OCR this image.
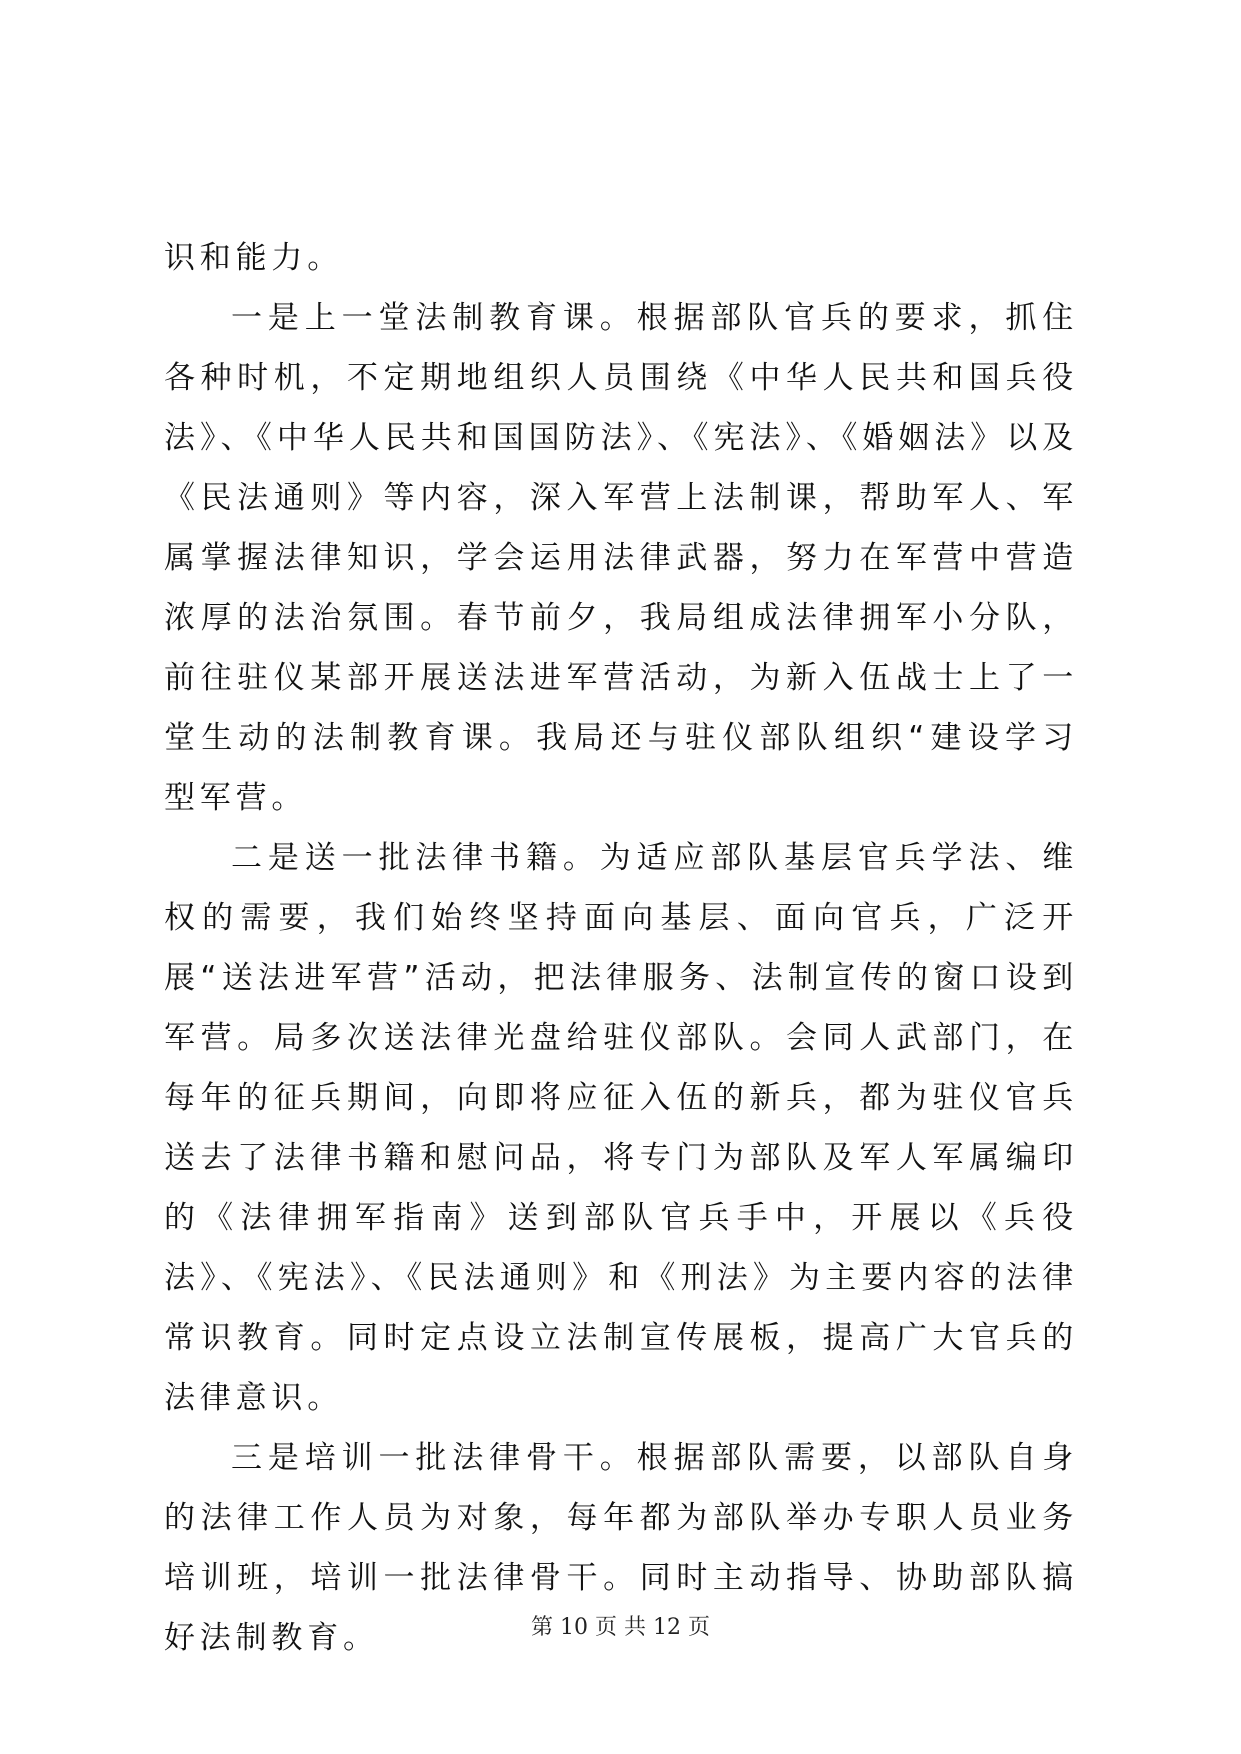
识和能力。

一是上一堂法制教育课。根据部队官兵的要求，抓住各种时机，不定期地组织人员围绕《中华人民共和国兵役法》、《中华人民共和国国防法》、《宪法》、《婚姻法》以及《民法通则》等内容，深入军营上法制课，帮助军人、军属掌握法律知识，学会运用法律武器，努力在军营中营造浓厚的法治氛围。春节前夕，我局组成法律拥军小分队，前往驻仪某部开展送法进军营活动，为新入伍战士上了一堂生动的法制教育课。我局还与驻仪部队组织“建设学习型军营。

二是送一批法律书籍。为适应部队基层官兵学法、维权的需要，我们始终坚持面向基层、面向官兵，广泛开展“送法进军营”活动，把法律服务、法制宣传的窗口设到军营。局多次送法律光盘给驻仪部队。会同人武部门，在每年的征兵期间，向即将应征入伍的新兵，都为驻仪官兵送去了法律书籍和慰问品，将专门为部队及军人军属编印的《法律拥军指南》送到部队官兵手中，开展以《兵役法》、《宪法》、《民法通则》和《刑法》为主要内容的法律常识教育。同时定点设立法制宣传展板，提高广大官兵的法律意识。

三是培训一批法律骨干。根据部队需要，以部队自身的法律工作人员为对象，每年都为部队举办专职人员业务培训班，培训一批法律骨干。同时主动指导、协助部队搞好法制教育。	第 10 页 共 12 页
